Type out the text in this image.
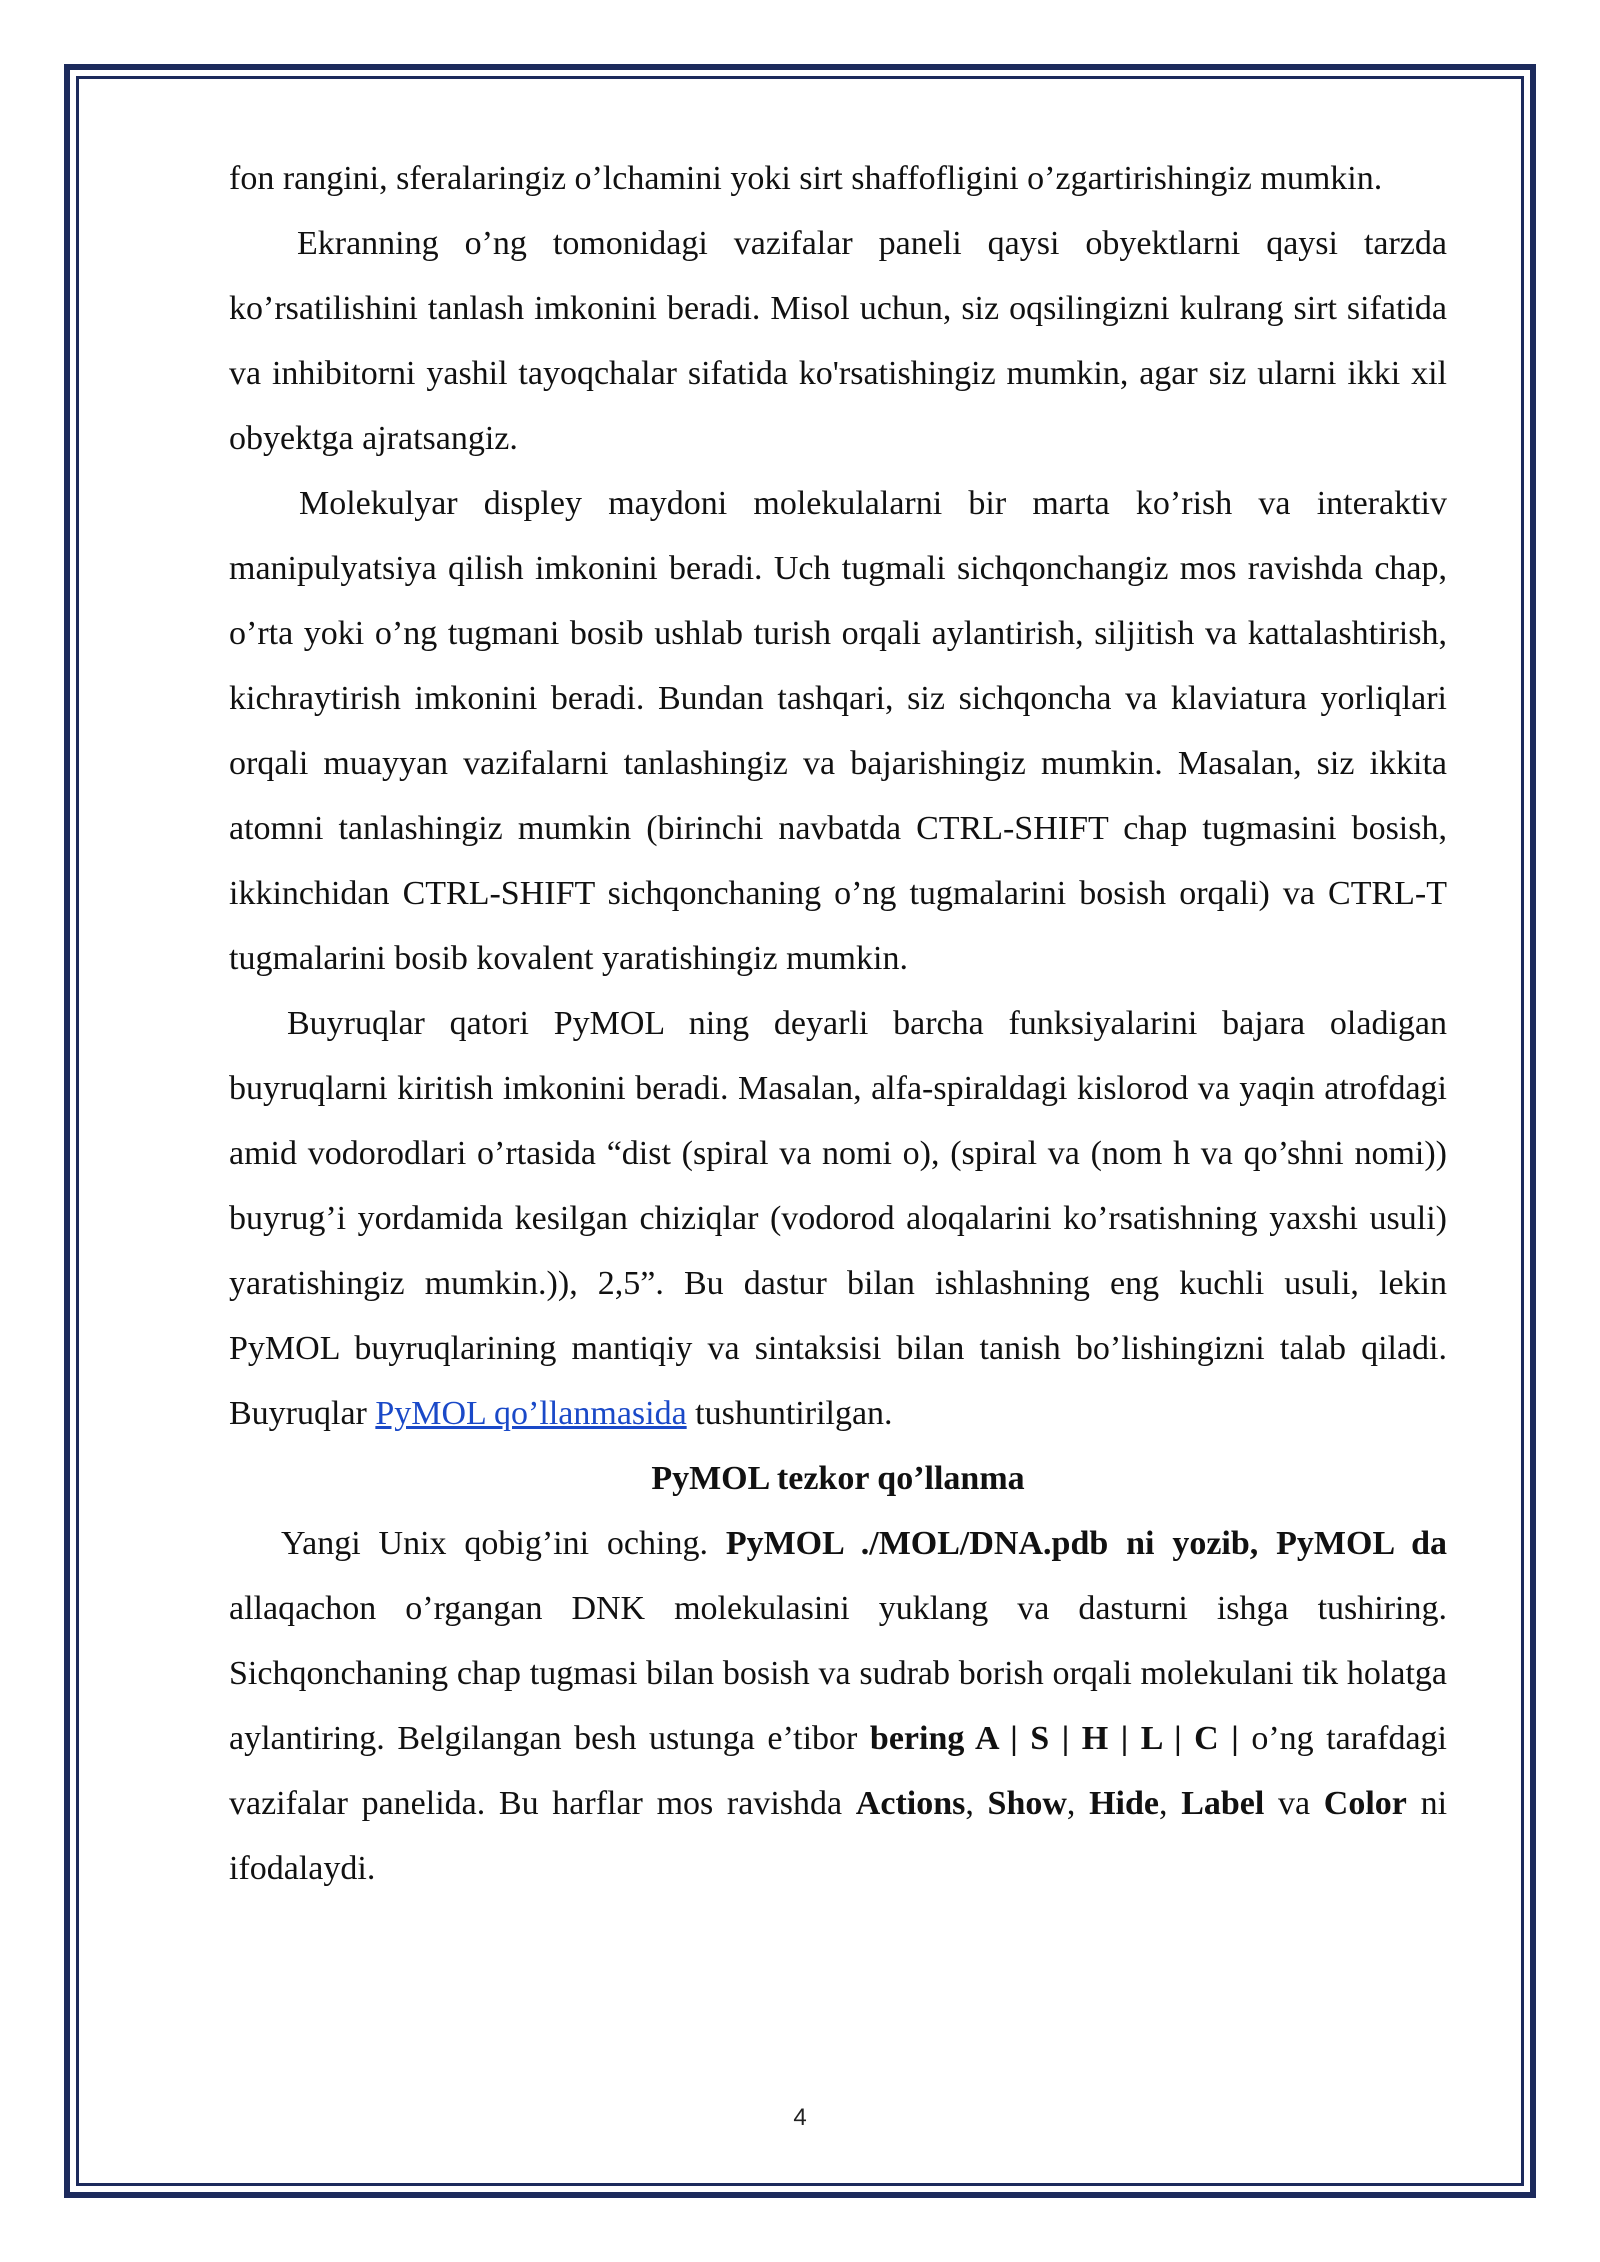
fon rangini, sferalaringiz o’lchamini yoki sirt shaffofligini o’zgartirishingiz mumkin.

Ekranning o’ng tomonidagi vazifalar paneli qaysi obyektlarni qaysi tarzda ko’rsatilishini tanlash imkonini beradi. Misol uchun, siz oqsilingizni kulrang sirt sifatida va inhibitorni yashil tayoqchalar sifatida ko'rsatishingiz mumkin, agar siz ularni ikki xil obyektga ajratsangiz.

Molekulyar displey maydoni molekulalarni bir marta ko’rish va interaktiv manipulyatsiya qilish imkonini beradi. Uch tugmali sichqonchangiz mos ravishda chap, o’rta yoki o’ng tugmani bosib ushlab turish orqali aylantirish, siljitish va kattalashtirish, kichraytirish imkonini beradi. Bundan tashqari, siz sichqoncha va klaviatura yorliqlari orqali muayyan vazifalarni tanlashingiz va bajarishingiz mumkin. Masalan, siz ikkita atomni tanlashingiz mumkin (birinchi navbatda CTRL-SHIFT chap tugmasini bosish, ikkinchidan CTRL-SHIFT sichqonchaning o’ng tugmalarini bosish orqali) va CTRL-T tugmalarini bosib kovalent yaratishingiz mumkin.

Buyruqlar qatori PyMOL ning deyarli barcha funksiyalarini bajara oladigan buyruqlarni kiritish imkonini beradi. Masalan, alfa-spiraldagi kislorod va yaqin atrofdagi amid vodorodlari o’rtasida “dist (spiral va nomi o), (spiral va (nom h va qo’shni nomi)) buyrug’i yordamida kesilgan chiziqlar (vodorod aloqalarini ko’rsatishning yaxshi usuli) yaratishingiz mumkin.)), 2,5”. Bu dastur bilan ishlashning eng kuchli usuli, lekin PyMOL buyruqlarining mantiqiy va sintaksisi bilan tanish bo’lishingizni talab qiladi. Buyruqlar PyMOL qo’llanmasida tushuntirilgan.

PyMOL tezkor qo’llanma

Yangi Unix qobig’ini oching. PyMOL ./MOL/DNA.pdb ni yozib, PyMOL da allaqachon o’rgangan DNK molekulasini yuklang va dasturni ishga tushiring. Sichqonchaning chap tugmasi bilan bosish va sudrab borish orqali molekulani tik holatga aylantiring. Belgilangan besh ustunga e’tibor bering A | S | H | L | C | o’ng tarafdagi vazifalar panelida. Bu harflar mos ravishda Actions, Show, Hide, Label va Color ni ifodalaydi.

4
